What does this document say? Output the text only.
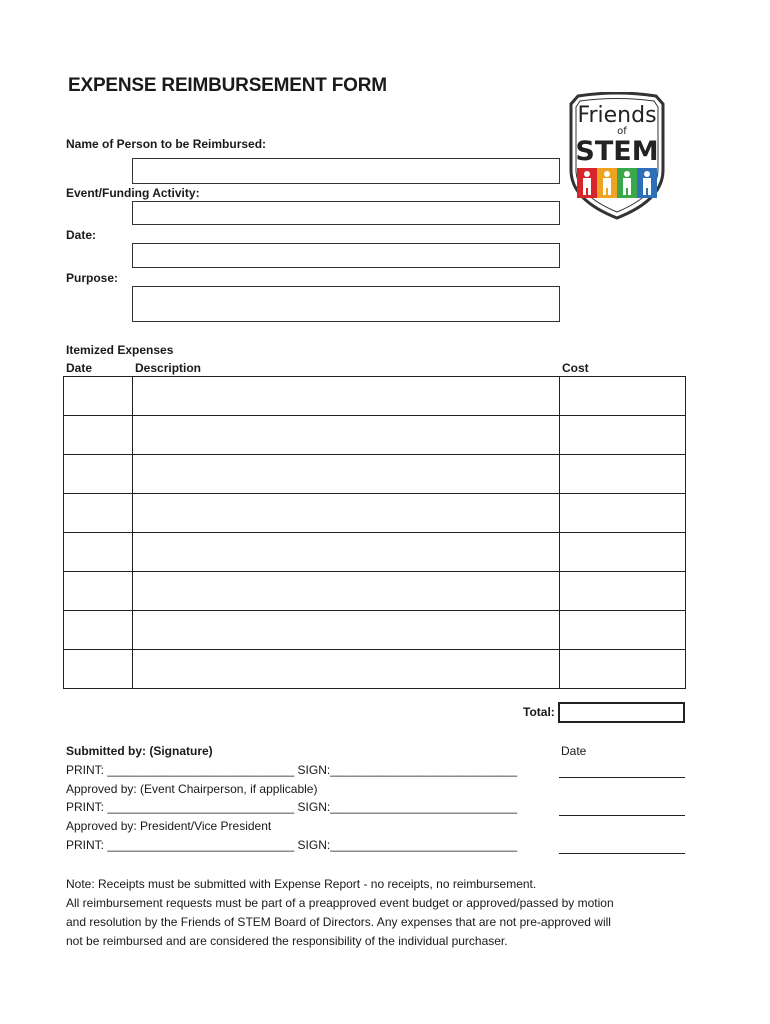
EXPENSE REIMBURSEMENT FORM
Friends
of
STEM
Name of Person to be Reimbursed:
Event/Funding Activity:
Date:
Purpose:
Itemized Expenses
Date	Description	Cost

Total:
Submitted by: (Signature)	Date
PRINT: ____________________________ SIGN:____________________________
Approved by: (Event Chairperson, if applicable)
PRINT: ____________________________ SIGN:____________________________
Approved by: President/Vice President
PRINT: ____________________________ SIGN:____________________________
Note: Receipts must be submitted with Expense Report - no receipts, no reimbursement.
All reimbursement requests must be part of a preapproved event budget or approved/passed by motion
and resolution by the Friends of STEM Board of Directors. Any expenses that are not pre-approved will
not be reimbursed and are considered the responsibility of the individual purchaser.
